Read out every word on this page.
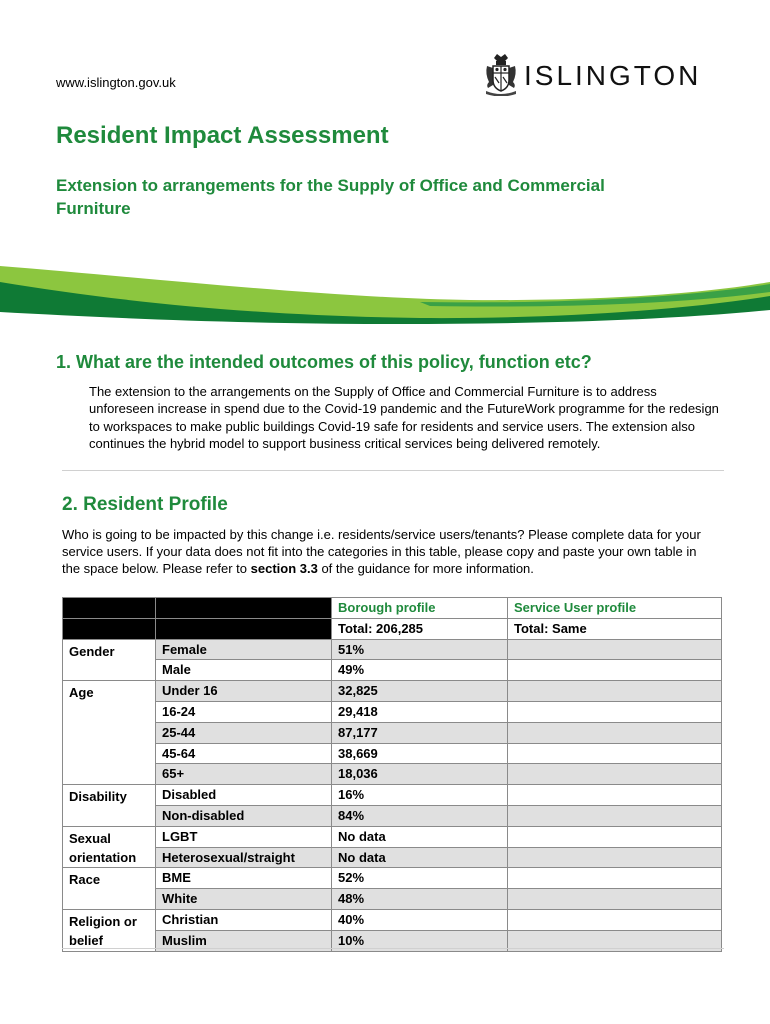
www.islington.gov.uk	ISLINGTON
Resident Impact Assessment
Extension to arrangements for the Supply of Office and Commercial Furniture
1. What are the intended outcomes of this policy, function etc?

The extension to the arrangements on the Supply of Office and Commercial Furniture is to address unforeseen increase in spend due to the Covid-19 pandemic and the FutureWork programme for the redesign to workspaces to make public buildings Covid-19 safe for residents and service users. The extension also continues the hybrid model to support business critical services being delivered remotely.

2. Resident Profile

Who is going to be impacted by this change i.e. residents/service users/tenants? Please complete data for your service users. If your data does not fit into the categories in this table, please copy and paste your own table in the space below. Please refer to section 3.3 of the guidance for more information.

		Borough profile	Service User profile
		Total: 206,285	Total: Same
Gender	Female	51%	
	Male	49%	
Age	Under 16	32,825	
	16-24	29,418	
	25-44	87,177	
	45-64	38,669	
	65+	18,036	
Disability	Disabled	16%	
	Non-disabled	84%	
Sexual orientation	LGBT	No data	
	Heterosexual/straight	No data	
Race	BME	52%	
	White	48%	
Religion or belief	Christian	40%	
	Muslim	10%	
